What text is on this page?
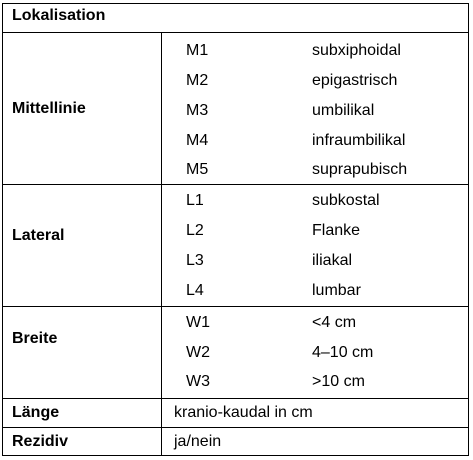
Lokalisation
Mittellinie
M1	subxiphoidal
M2	epigastrisch
M3	umbilikal
M4	infraumbilikal
M5	suprapubisch
Lateral
L1	subkostal
L2	Flanke
L3	iliakal
L4	lumbar
Breite
W1	<4 cm
W2	4–10 cm
W3	>10 cm
Länge	kranio-kaudal in cm
Rezidiv	ja/nein
